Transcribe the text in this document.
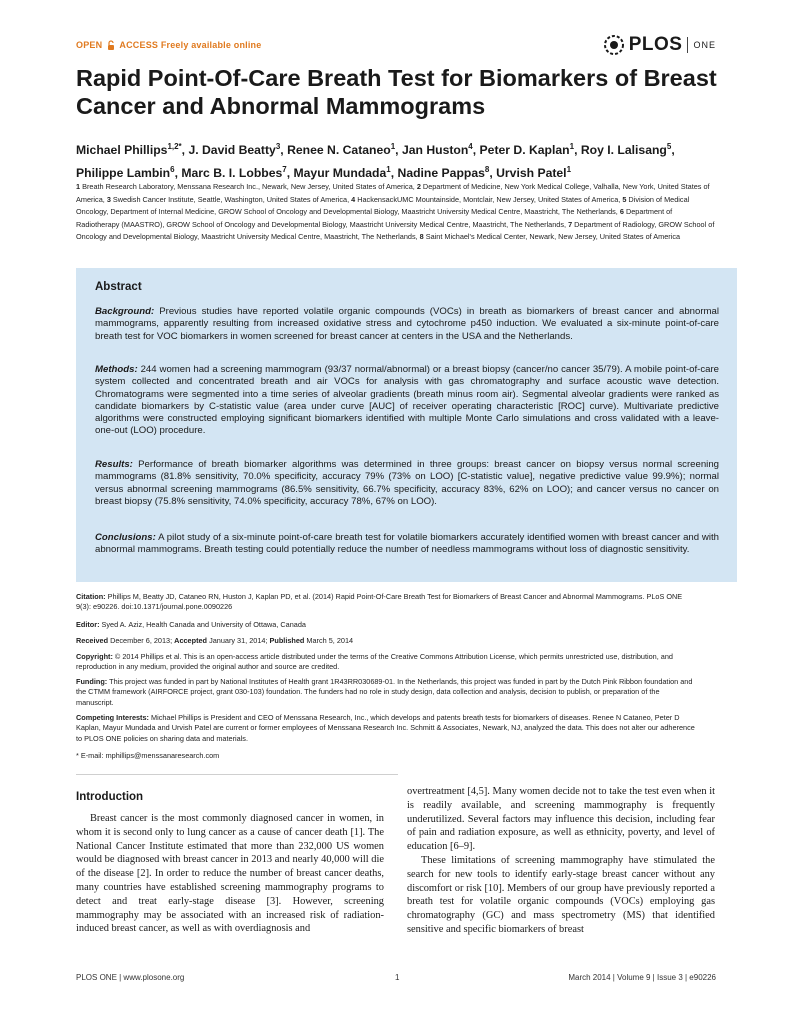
OPEN ACCESS Freely available online	PLOS ONE
Rapid Point-Of-Care Breath Test for Biomarkers of Breast Cancer and Abnormal Mammograms
Michael Phillips$^{1,2*}$, J. David Beatty$^3$, Renee N. Cataneo$^1$, Jan Huston$^4$, Peter D. Kaplan$^1$, Roy I. Lalisang$^5$,
Philippe Lambin$^6$, Marc B. I. Lobbes$^7$, Mayur Mundada$^1$, Nadine Pappas$^8$, Urvish Patel$^1$
1 Breath Research Laboratory, Menssana Research Inc., Newark, New Jersey, United States of America, 2 Department of Medicine, New York Medical College, Valhalla, New York, United States of America, 3 Swedish Cancer Institute, Seattle, Washington, United States of America, 4 HackensackUMC Mountainside, Montclair, New Jersey, United States of America, 5 Division of Medical Oncology, Department of Internal Medicine, GROW School of Oncology and Developmental Biology, Maastricht University Medical Centre, Maastricht, The Netherlands, 6 Department of Radiotherapy (MAASTRO), GROW School of Oncology and Developmental Biology, Maastricht University Medical Centre, Maastricht, The Netherlands, 7 Department of Radiology, GROW School of Oncology and Developmental Biology, Maastricht University Medical Centre, Maastricht, The Netherlands, 8 Saint Michael's Medical Center, Newark, New Jersey, United States of America
Abstract
Background: Previous studies have reported volatile organic compounds (VOCs) in breath as biomarkers of breast cancer and abnormal mammograms, apparently resulting from increased oxidative stress and cytochrome p450 induction. We evaluated a six-minute point-of-care breath test for VOC biomarkers in women screened for breast cancer at centers in the USA and the Netherlands.
Methods: 244 women had a screening mammogram (93/37 normal/abnormal) or a breast biopsy (cancer/no cancer 35/79). A mobile point-of-care system collected and concentrated breath and air VOCs for analysis with gas chromatography and surface acoustic wave detection. Chromatograms were segmented into a time series of alveolar gradients (breath minus room air). Segmental alveolar gradients were ranked as candidate biomarkers by C-statistic value (area under curve [AUC] of receiver operating characteristic [ROC] curve). Multivariate predictive algorithms were constructed employing significant biomarkers identified with multiple Monte Carlo simulations and cross validated with a leave-one-out (LOO) procedure.
Results: Performance of breath biomarker algorithms was determined in three groups: breast cancer on biopsy versus normal screening mammograms (81.8% sensitivity, 70.0% specificity, accuracy 79% (73% on LOO) [C-statistic value], negative predictive value 99.9%); normal versus abnormal screening mammograms (86.5% sensitivity, 66.7% specificity, accuracy 83%, 62% on LOO); and cancer versus no cancer on breast biopsy (75.8% sensitivity, 74.0% specificity, accuracy 78%, 67% on LOO).
Conclusions: A pilot study of a six-minute point-of-care breath test for volatile biomarkers accurately identified women with breast cancer and with abnormal mammograms. Breath testing could potentially reduce the number of needless mammograms without loss of diagnostic sensitivity.
Citation: Phillips M, Beatty JD, Cataneo RN, Huston J, Kaplan PD, et al. (2014) Rapid Point-Of-Care Breath Test for Biomarkers of Breast Cancer and Abnormal Mammograms. PLoS ONE 9(3): e90226. doi:10.1371/journal.pone.0090226
Editor: Syed A. Aziz, Health Canada and University of Ottawa, Canada
Received December 6, 2013; Accepted January 31, 2014; Published March 5, 2014
Copyright: © 2014 Phillips et al. This is an open-access article distributed under the terms of the Creative Commons Attribution License, which permits unrestricted use, distribution, and reproduction in any medium, provided the original author and source are credited.
Funding: This project was funded in part by National Institutes of Health grant 1R43RR030689-01. In the Netherlands, this project was funded in part by the Dutch Pink Ribbon foundation and the CTMM framework (AIRFORCE project, grant 030-103) foundation. The funders had no role in study design, data collection and analysis, decision to publish, or preparation of the manuscript.
Competing Interests: Michael Phillips is President and CEO of Menssana Research, Inc., which develops and patents breath tests for biomarkers of diseases. Renee N Cataneo, Peter D Kaplan, Mayur Mundada and Urvish Patel are current or former employees of Menssana Research Inc. Schmitt & Associates, Newark, NJ, analyzed the data. This does not alter our adherence to PLOS ONE policies on sharing data and materials.
* E-mail: mphillips@menssanaresearch.com
Introduction

Breast cancer is the most commonly diagnosed cancer in women, in whom it is second only to lung cancer as a cause of cancer death [1]. The National Cancer Institute estimated that more than 232,000 US women would be diagnosed with breast cancer in 2013 and nearly 40,000 will die of the disease [2]. In order to reduce the number of breast cancer deaths, many countries have established screening mammography programs to detect and treat early-stage disease [3]. However, screening mammography may be associated with an increased risk of radiation-induced breast cancer, as well as with overdiagnosis and

overtreatment [4,5]. Many women decide not to take the test even when it is readily available, and screening mammography is frequently underutilized. Several factors may influence this decision, including fear of pain and radiation exposure, as well as ethnicity, poverty, and level of education [6–9].

These limitations of screening mammography have stimulated the search for new tools to identify early-stage breast cancer without any discomfort or risk [10]. Members of our group have previously reported a breath test for volatile organic compounds (VOCs) employing gas chromatography (GC) and mass spectrometry (MS) that identified sensitive and specific biomarkers of breast

PLOS ONE | www.plosone.org	1	March 2014 | Volume 9 | Issue 3 | e90226
